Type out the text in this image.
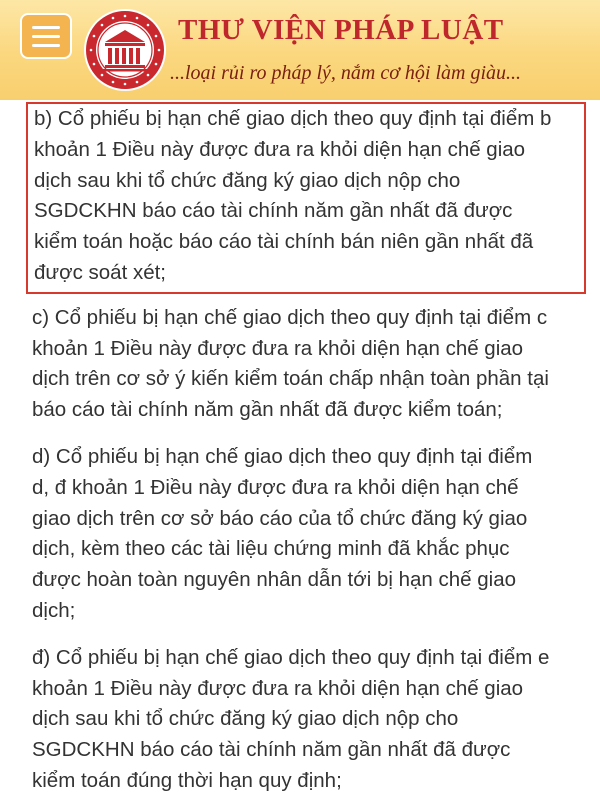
THƯ VIỆN PHÁP LUẬT
...loại rủi ro pháp lý, nắm cơ hội làm giàu...
b) Cổ phiếu bị hạn chế giao dịch theo quy định tại điểm b
khoản 1 Điều này được đưa ra khỏi diện hạn chế giao
dịch sau khi tổ chức đăng ký giao dịch nộp cho
SGDCKHN báo cáo tài chính năm gần nhất đã được
kiểm toán hoặc báo cáo tài chính bán niên gần nhất đã
được soát xét;
c) Cổ phiếu bị hạn chế giao dịch theo quy định tại điểm c
khoản 1 Điều này được đưa ra khỏi diện hạn chế giao
dịch trên cơ sở ý kiến kiểm toán chấp nhận toàn phần tại
báo cáo tài chính năm gần nhất đã được kiểm toán;
d) Cổ phiếu bị hạn chế giao dịch theo quy định tại điểm
d, đ khoản 1 Điều này được đưa ra khỏi diện hạn chế
giao dịch trên cơ sở báo cáo của tổ chức đăng ký giao
dịch, kèm theo các tài liệu chứng minh đã khắc phục
được hoàn toàn nguyên nhân dẫn tới bị hạn chế giao
dịch;
đ) Cổ phiếu bị hạn chế giao dịch theo quy định tại điểm e
khoản 1 Điều này được đưa ra khỏi diện hạn chế giao
dịch sau khi tổ chức đăng ký giao dịch nộp cho
SGDCKHN báo cáo tài chính năm gần nhất đã được
kiểm toán đúng thời hạn quy định;
